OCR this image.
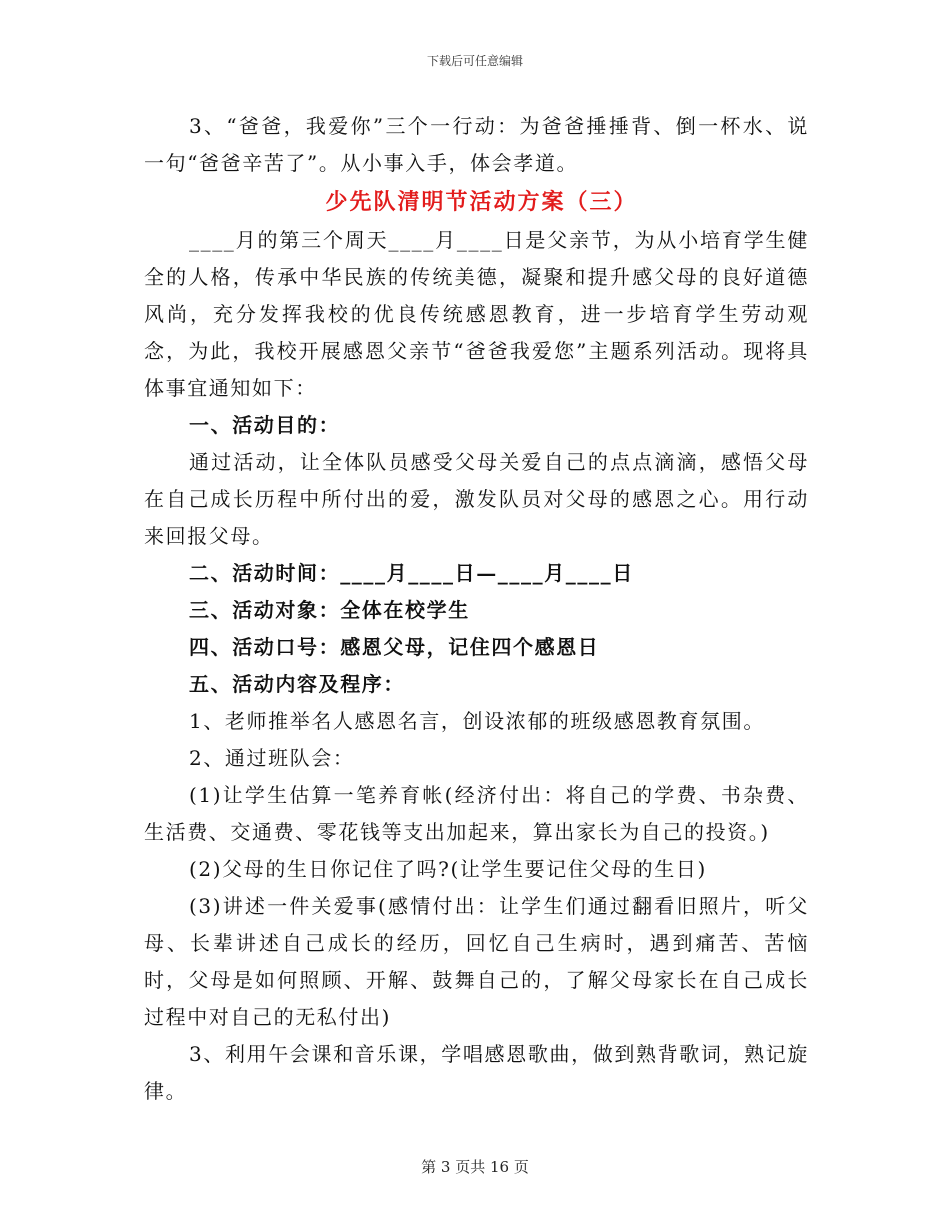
下载后可任意编辑

3、“爸爸，我爱你”三个一行动：为爸爸捶捶背、倒一杯水、说一句“爸爸辛苦了”。从小事入手，体会孝道。

少先队清明节活动方案（三）

____月的第三个周天____月____日是父亲节，为从小培育学生健全的人格，传承中华民族的传统美德，凝聚和提升感父母的良好道德风尚，充分发挥我校的优良传统感恩教育，进一步培育学生劳动观念，为此，我校开展感恩父亲节“爸爸我爱您”主题系列活动。现将具体事宜通知如下：

一、活动目的：

通过活动，让全体队员感受父母关爱自己的点点滴滴，感悟父母在自己成长历程中所付出的爱，激发队员对父母的感恩之心。用行动来回报父母。

二、活动时间：____月____日—____月____日

三、活动对象：全体在校学生

四、活动口号：感恩父母，记住四个感恩日

五、活动内容及程序：

1、老师推举名人感恩名言，创设浓郁的班级感恩教育氛围。

2、通过班队会：

(1)让学生估算一笔养育帐(经济付出：将自己的学费、书杂费、生活费、交通费、零花钱等支出加起来，算出家长为自己的投资。)

(2)父母的生日你记住了吗?(让学生要记住父母的生日)

(3)讲述一件关爱事(感情付出：让学生们通过翻看旧照片，听父母、长辈讲述自己成长的经历，回忆自己生病时，遇到痛苦、苦恼时，父母是如何照顾、开解、鼓舞自己的，了解父母家长在自己成长过程中对自己的无私付出)

3、利用午会课和音乐课，学唱感恩歌曲，做到熟背歌词，熟记旋律。

第 3 页共 16 页
